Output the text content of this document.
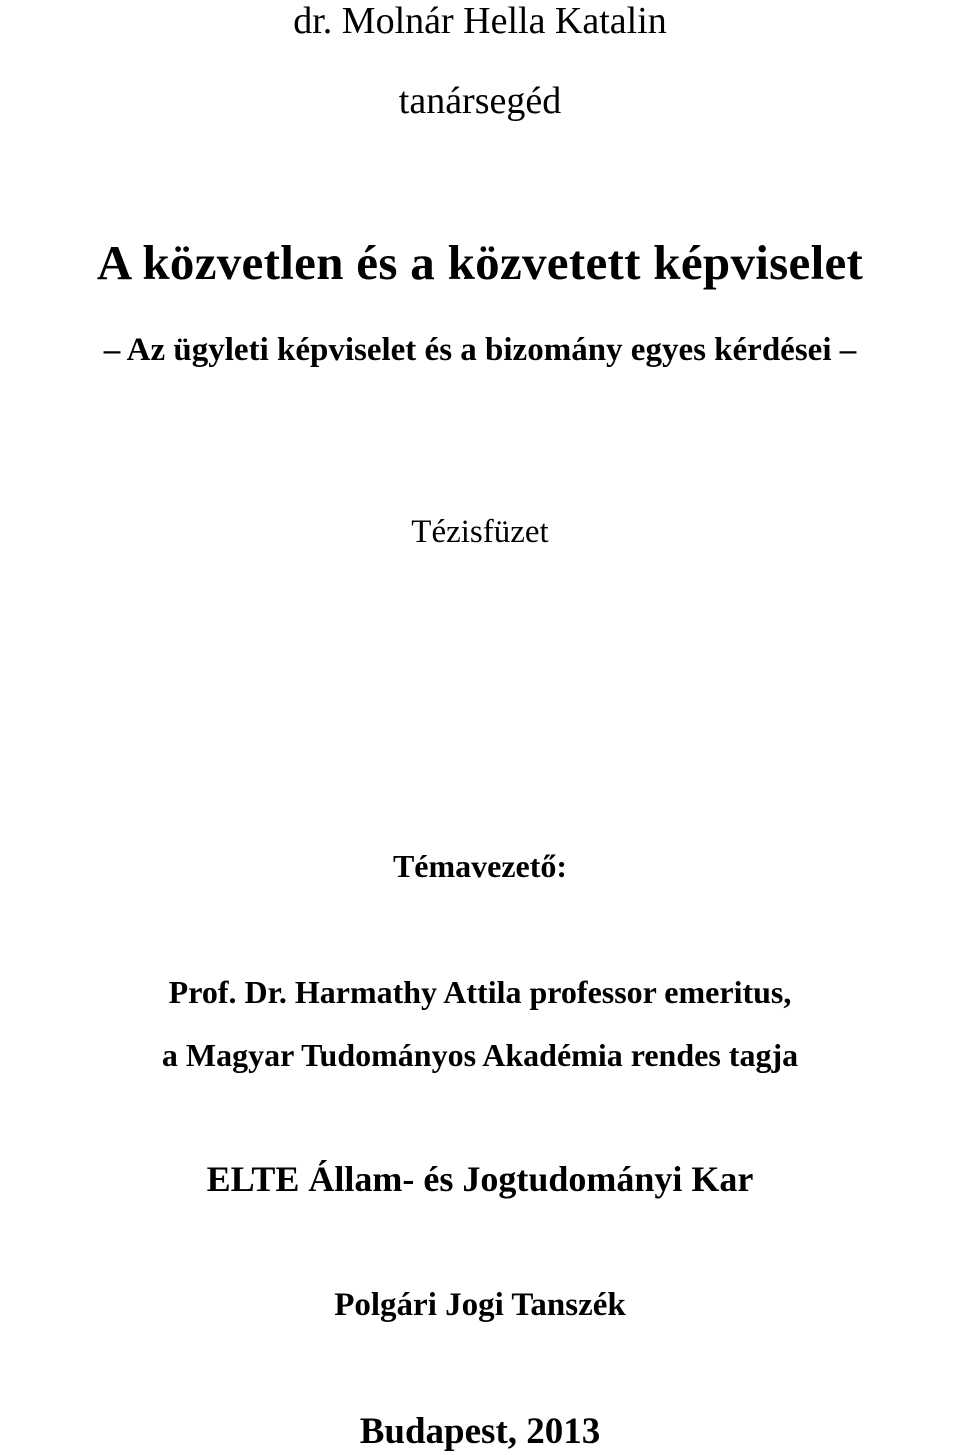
dr. Molnár Hella Katalin
tanársegéd
A közvetlen és a közvetett képviselet
– Az ügyleti képviselet és a bizomány egyes kérdései –
Tézisfüzet
Témavezető:
Prof. Dr. Harmathy Attila professor emeritus,
a Magyar Tudományos Akadémia rendes tagja
ELTE Állam- és Jogtudományi Kar
Polgári Jogi Tanszék
Budapest, 2013
